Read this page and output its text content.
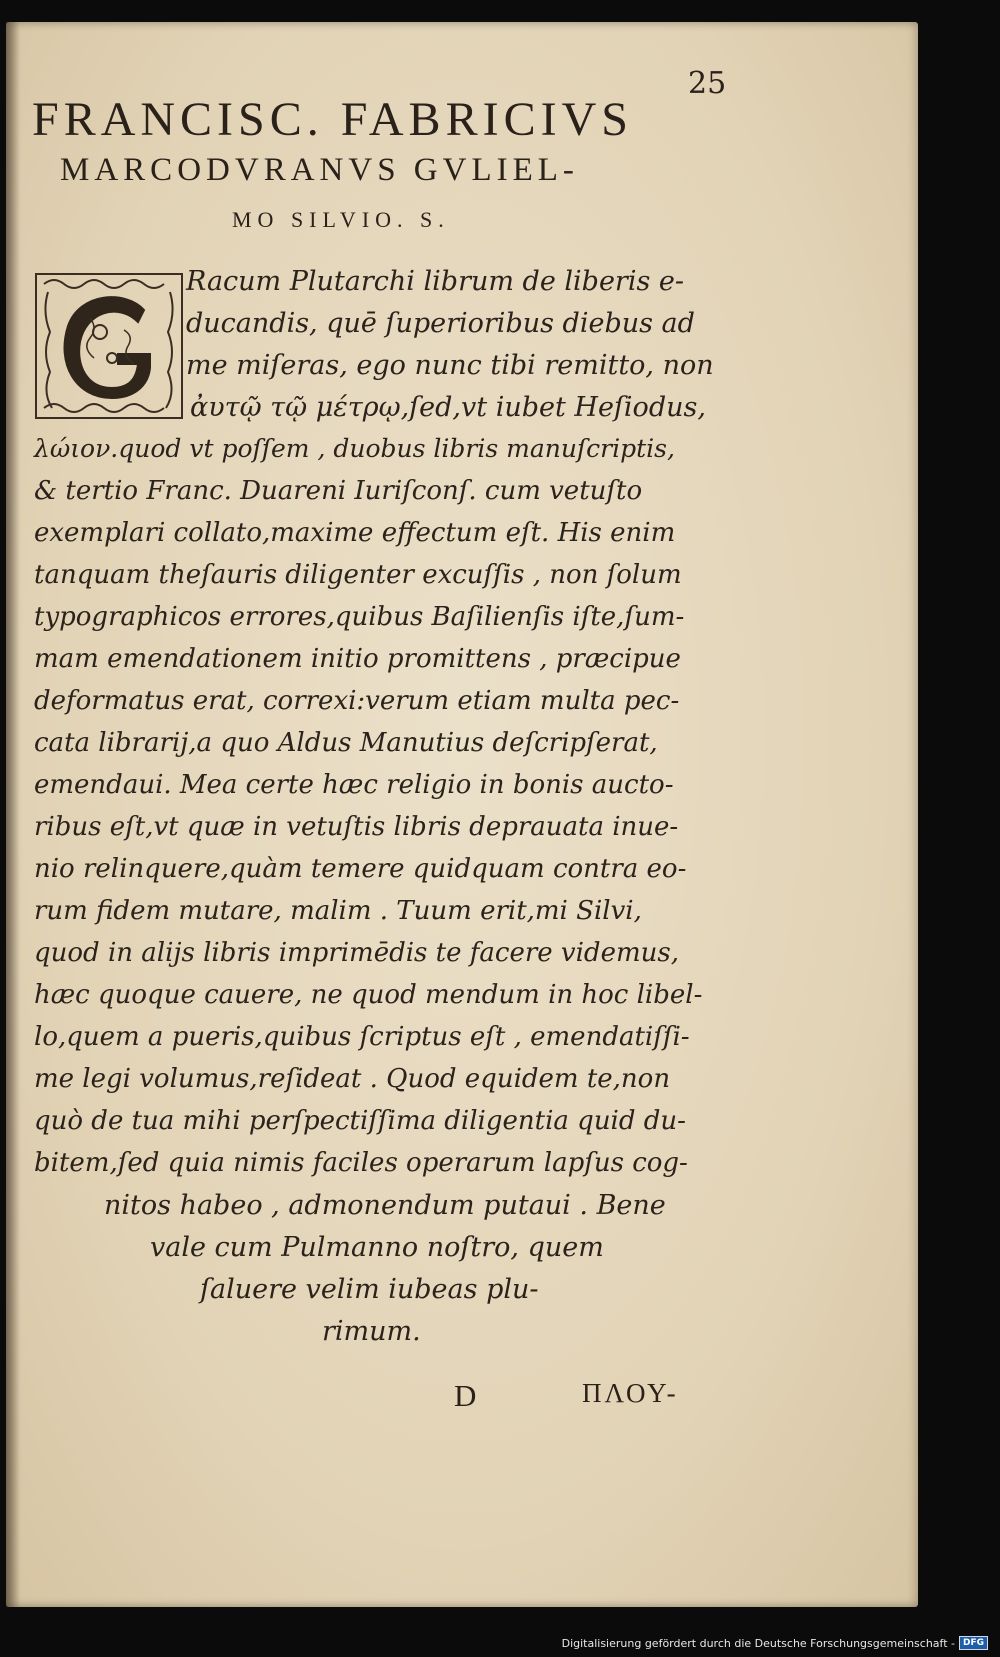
25
FRANCISC. FABRICIVS
MARCODVRANVS GVLIEL-
MO SILVIO. S.
Racum Plutarchi librum de liberis e-
ducandis, quē ſuperioribus diebus ad
me miſeras, ego nunc tibi remitto, non
ἀυτῷ τῷ μέτρῳ,ſed,vt iubet Heſiodus,
λώιον.quod vt poſſem , duobus libris manuſcriptis,
& tertio Franc. Duareni Iuriſconſ. cum vetuſto
exemplari collato,maxime effectum eſt. His enim
tanquam theſauris diligenter excuſſis , non ſolum
typographicos errores,quibus Baſilienſis iſte,ſum-
mam emendationem initio promittens , præcipue
deformatus erat, correxi:verum etiam multa pec-
cata librarij,a quo Aldus Manutius deſcripſerat,
emendaui. Mea certe hæc religio in bonis aucto-
ribus eſt,vt quæ in vetuſtis libris deprauata inue-
nio relinquere,quàm temere quidquam contra eo-
rum fidem mutare, malim . Tuum erit,mi Silvi,
quod in alijs libris imprimēdis te facere videmus,
hæc quoque cauere, ne quod mendum in hoc libel-
lo,quem a pueris,quibus ſcriptus eſt , emendatiſſi-
me legi volumus,reſideat . Quod equidem te,non
quò de tua mihi perſpectiſſima diligentia quid du-
bitem,ſed quia nimis faciles operarum lapſus cog-
nitos habeo , admonendum putaui . Bene
vale cum Pulmanno noſtro, quem
ſaluere velim iubeas plu-
rimum.
D	ΠΛΟΥ-
Digitalisierung gefördert durch die Deutsche Forschungsgemeinschaft - DFG
